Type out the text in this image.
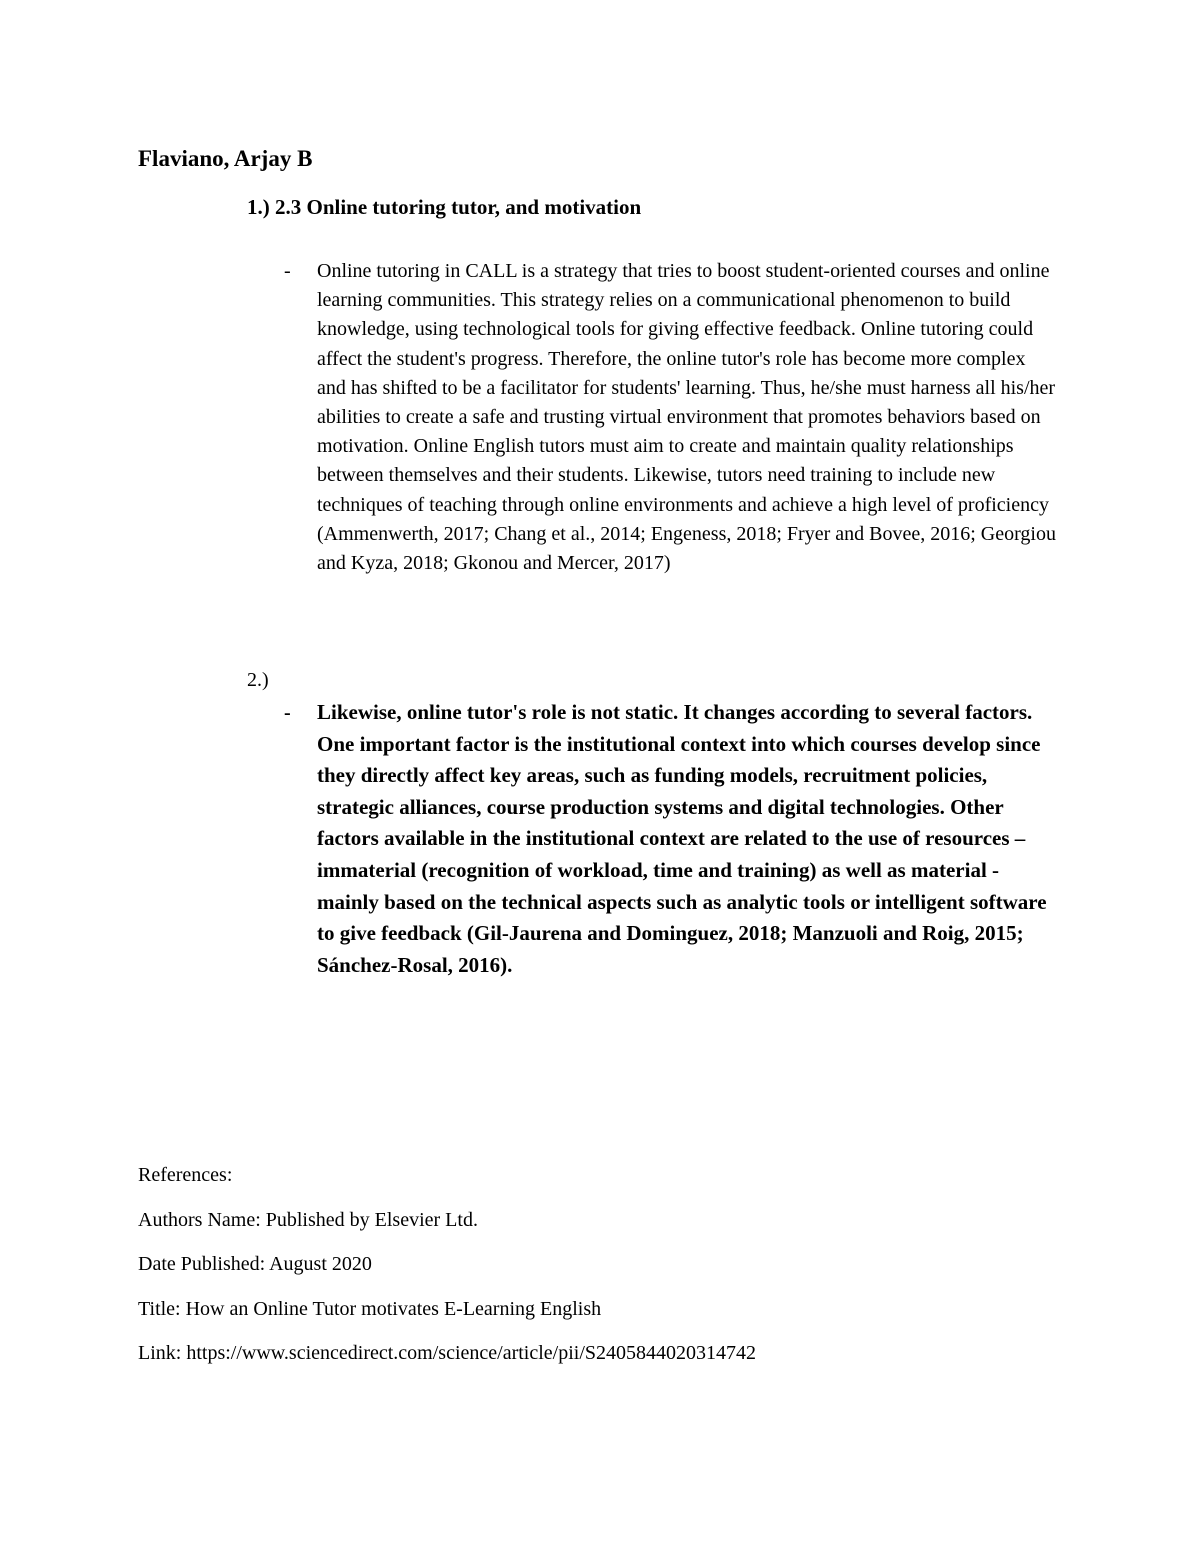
Flaviano, Arjay B
1.) 2.3 Online tutoring tutor, and motivation
- Online tutoring in CALL is a strategy that tries to boost student-oriented courses and online learning communities. This strategy relies on a communicational phenomenon to build knowledge, using technological tools for giving effective feedback. Online tutoring could affect the student's progress. Therefore, the online tutor's role has become more complex and has shifted to be a facilitator for students' learning. Thus, he/she must harness all his/her abilities to create a safe and trusting virtual environment that promotes behaviors based on motivation. Online English tutors must aim to create and maintain quality relationships between themselves and their students. Likewise, tutors need training to include new techniques of teaching through online environments and achieve a high level of proficiency (Ammenwerth, 2017; Chang et al., 2014; Engeness, 2018; Fryer and Bovee, 2016; Georgiou and Kyza, 2018; Gkonou and Mercer, 2017)
2.)
- Likewise, online tutor's role is not static. It changes according to several factors. One important factor is the institutional context into which courses develop since they directly affect key areas, such as funding models, recruitment policies, strategic alliances, course production systems and digital technologies. Other factors available in the institutional context are related to the use of resources – immaterial (recognition of workload, time and training) as well as material - mainly based on the technical aspects such as analytic tools or intelligent software to give feedback (Gil-Jaurena and Dominguez, 2018; Manzuoli and Roig, 2015; Sánchez-Rosal, 2016).
References:
Authors Name: Published by Elsevier Ltd.
Date Published: August 2020
Title: How an Online Tutor motivates E-Learning English
Link: https://www.sciencedirect.com/science/article/pii/S2405844020314742
